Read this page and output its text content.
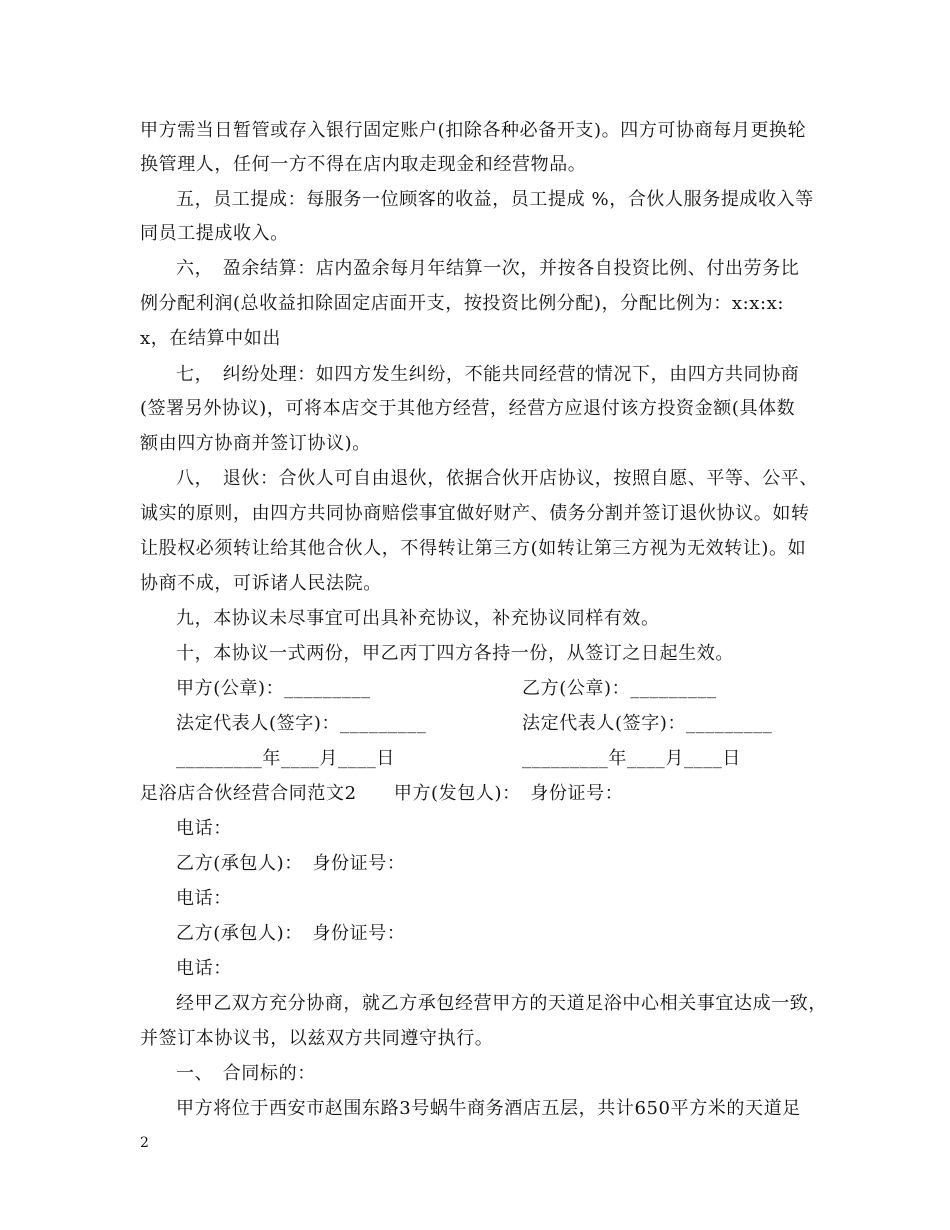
甲方需当日暂管或存入银行固定账户(扣除各种必备开支)。四方可协商每月更换轮
换管理人，任何一方不得在店内取走现金和经营物品。
五，员工提成：每服务一位顾客的收益，员工提成 %，合伙人服务提成收入等
同员工提成收入。
六，　盈余结算：店内盈余每月年结算一次，并按各自投资比例、付出劳务比
例分配利润(总收益扣除固定店面开支，按投资比例分配)，分配比例为：x:x:x:
x，在结算中如出
七，　纠纷处理：如四方发生纠纷，不能共同经营的情况下，由四方共同协商
(签署另外协议)，可将本店交于其他方经营，经营方应退付该方投资金额(具体数
额由四方协商并签订协议)。
八，　退伙：合伙人可自由退伙，依据合伙开店协议，按照自愿、平等、公平、
诚实的原则，由四方共同协商赔偿事宜做好财产、债务分割并签订退伙协议。如转
让股权必须转让给其他合伙人，不得转让第三方(如转让第三方视为无效转让)。如
协商不成，可诉诸人民法院。
九，本协议未尽事宜可出具补充协议，补充协议同样有效。
十，本协议一式两份，甲乙丙丁四方各持一份，从签订之日起生效。
甲方(公章)：_________	乙方(公章)：_________
法定代表人(签字)：_________	法定代表人(签字)：_________
_________年____月____日	_________年____月____日
足浴店合伙经营合同范文2　　甲方(发包人)：　身份证号：
电话：
乙方(承包人)：　身份证号：
电话：
乙方(承包人)：　身份证号：
电话：
经甲乙双方充分协商，就乙方承包经营甲方的天道足浴中心相关事宜达成一致，
并签订本协议书，以兹双方共同遵守执行。
一、　合同标的：
甲方将位于西安市赵围东路3号蜗牛商务酒店五层，共计650平方米的天道足
2
